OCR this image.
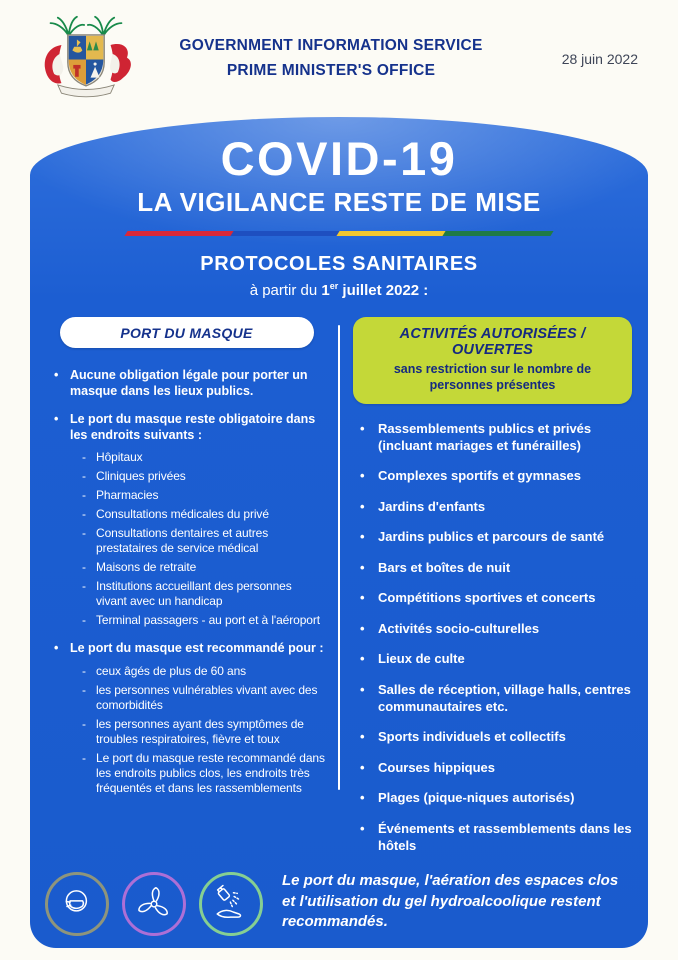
GOVERNMENT INFORMATION SERVICE
PRIME MINISTER'S OFFICE
28 juin 2022
COVID-19
LA VIGILANCE RESTE DE MISE
PROTOCOLES SANITAIRES
à partir du 1er juillet 2022 :
PORT DU MASQUE
• Aucune obligation légale pour porter un masque dans les lieux publics.
• Le port du masque reste obligatoire dans les endroits suivants :
- Hôpitaux
- Cliniques privées
- Pharmacies
- Consultations médicales du privé
- Consultations dentaires et autres prestataires de service médical
- Maisons de retraite
- Institutions accueillant des personnes vivant avec un handicap
- Terminal passagers - au port et à l'aéroport
• Le port du masque est recommandé pour :
- ceux âgés de plus de 60 ans
- les personnes vulnérables vivant avec des comorbidités
- les personnes ayant des symptômes de troubles respiratoires, fièvre et toux
- Le port du masque reste recommandé dans les endroits publics clos, les endroits très fréquentés et dans les rassemblements
ACTIVITÉS AUTORISÉES / OUVERTES
sans restriction sur le nombre de personnes présentes
• Rassemblements publics et privés (incluant mariages et funérailles)
• Complexes sportifs et gymnases
• Jardins d'enfants
• Jardins publics et parcours de santé
• Bars et boîtes de nuit
• Compétitions sportives et concerts
• Activités socio-culturelles
• Lieux de culte
• Salles de réception, village halls, centres communautaires etc.
• Sports individuels et collectifs
• Courses hippiques
• Plages (pique-niques autorisés)
• Événements et rassemblements dans les hôtels

Le port du masque, l'aération des espaces clos et l'utilisation du gel hydroalcoolique restent recommandés.
